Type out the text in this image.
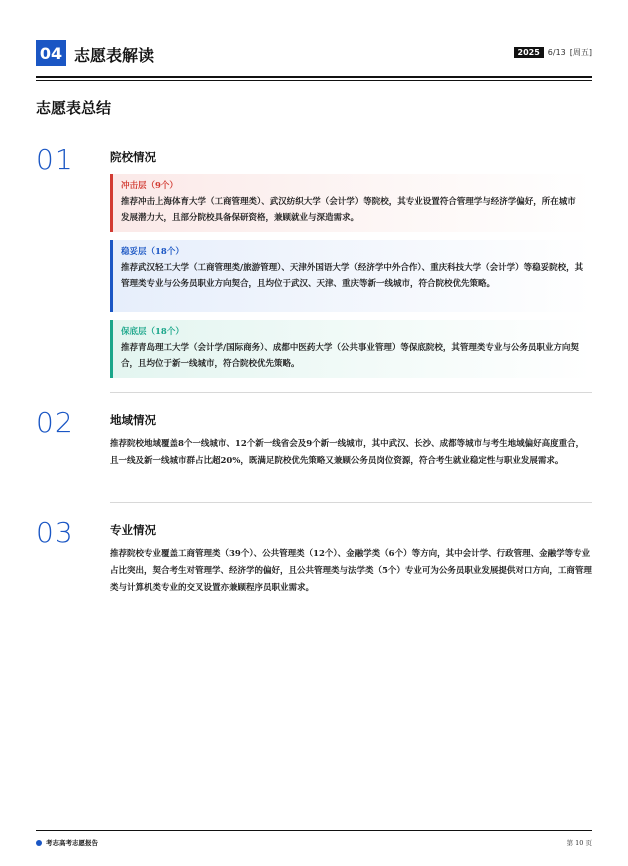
04 志愿表解读	2025	6/13 [周五]
志愿表总结
01	院校情况
冲击层（9个）
推荐冲击上海体育大学（工商管理类）、武汉纺织大学（会计学）等院校，其专业设置符合管理学与经济学偏好，所在城市发展潜力大，且部分院校具备保研资格，兼顾就业与深造需求。
稳妥层（18个）
推荐武汉轻工大学（工商管理类/旅游管理）、天津外国语大学（经济学中外合作）、重庆科技大学（会计学）等稳妥院校，其管理类专业与公务员职业方向契合，且均位于武汉、天津、重庆等新一线城市，符合院校优先策略。
保底层（18个）
推荐青岛理工大学（会计学/国际商务）、成都中医药大学（公共事业管理）等保底院校，其管理类专业与公务员职业方向契合，且均位于新一线城市，符合院校优先策略。
02	地域情况
推荐院校地域覆盖8个一线城市、12个新一线省会及9个新一线城市，其中武汉、长沙、成都等城市与考生地域偏好高度重合，且一线及新一线城市群占比超20%，既满足院校优先策略又兼顾公务员岗位资源，符合考生就业稳定性与职业发展需求。
03	专业情况
推荐院校专业覆盖工商管理类（39个）、公共管理类（12个）、金融学类（6个）等方向，其中会计学、行政管理、金融学等专业占比突出，契合考生对管理学、经济学的偏好，且公共管理类与法学类（5个）专业可为公务员职业发展提供对口方向，工商管理类与计算机类专业的交叉设置亦兼顾程序员职业需求。
考志高考志愿报告	第 10 页
